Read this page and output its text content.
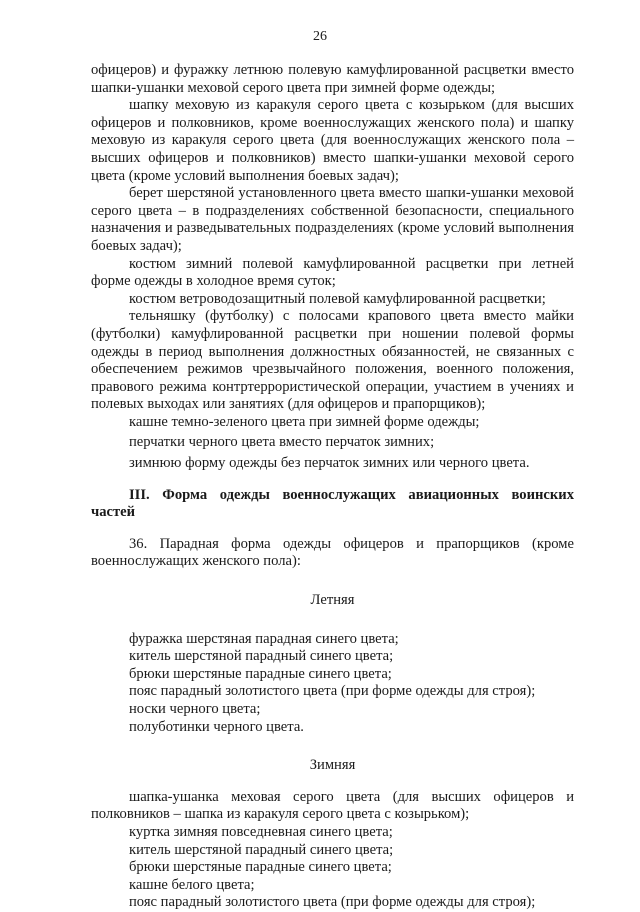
26

офицеров) и фуражку летнюю полевую камуфлированной расцветки вместо шапки-ушанки меховой серого цвета при зимней форме одежды;

шапку меховую из каракуля серого цвета с козырьком (для высших офицеров и полковников, кроме военнослужащих женского пола) и шапку меховую из каракуля серого цвета (для военнослужащих женского пола – высших офицеров и полковников) вместо шапки-ушанки меховой серого цвета (кроме условий выполнения боевых задач);

берет шерстяной установленного цвета вместо шапки-ушанки меховой серого цвета – в подразделениях собственной безопасности, специального назначения и разведывательных подразделениях (кроме условий выполнения боевых задач);

костюм зимний полевой камуфлированной расцветки при летней форме одежды в холодное время суток;

костюм ветроводозащитный полевой камуфлированной расцветки;

тельняшку (футболку) с полосами крапового цвета вместо майки (футболки) камуфлированной расцветки при ношении полевой формы одежды в период выполнения должностных обязанностей, не связанных с обеспечением режимов чрезвычайного положения, военного положения, правового режима контртеррористической операции, участием в учениях и полевых выходах или занятиях (для офицеров и прапорщиков);

кашне темно-зеленого цвета при зимней форме одежды;

перчатки черного цвета вместо перчаток зимних;

зимнюю форму одежды без перчаток зимних или черного цвета.

III. Форма одежды военнослужащих авиационных воинских частей

36. Парадная форма одежды офицеров и прапорщиков (кроме военнослужащих женского пола):

Летняя

фуражка шерстяная парадная синего цвета;

китель шерстяной парадный синего цвета;

брюки шерстяные парадные синего цвета;

пояс парадный золотистого цвета (при форме одежды для строя);

носки черного цвета;

полуботинки черного цвета.

Зимняя

шапка-ушанка меховая серого цвета (для высших офицеров и полковников – шапка из каракуля серого цвета с козырьком);

куртка зимняя повседневная синего цвета;

китель шерстяной парадный синего цвета;

брюки шерстяные парадные синего цвета;

кашне белого цвета;

пояс парадный золотистого цвета (при форме одежды для строя);
